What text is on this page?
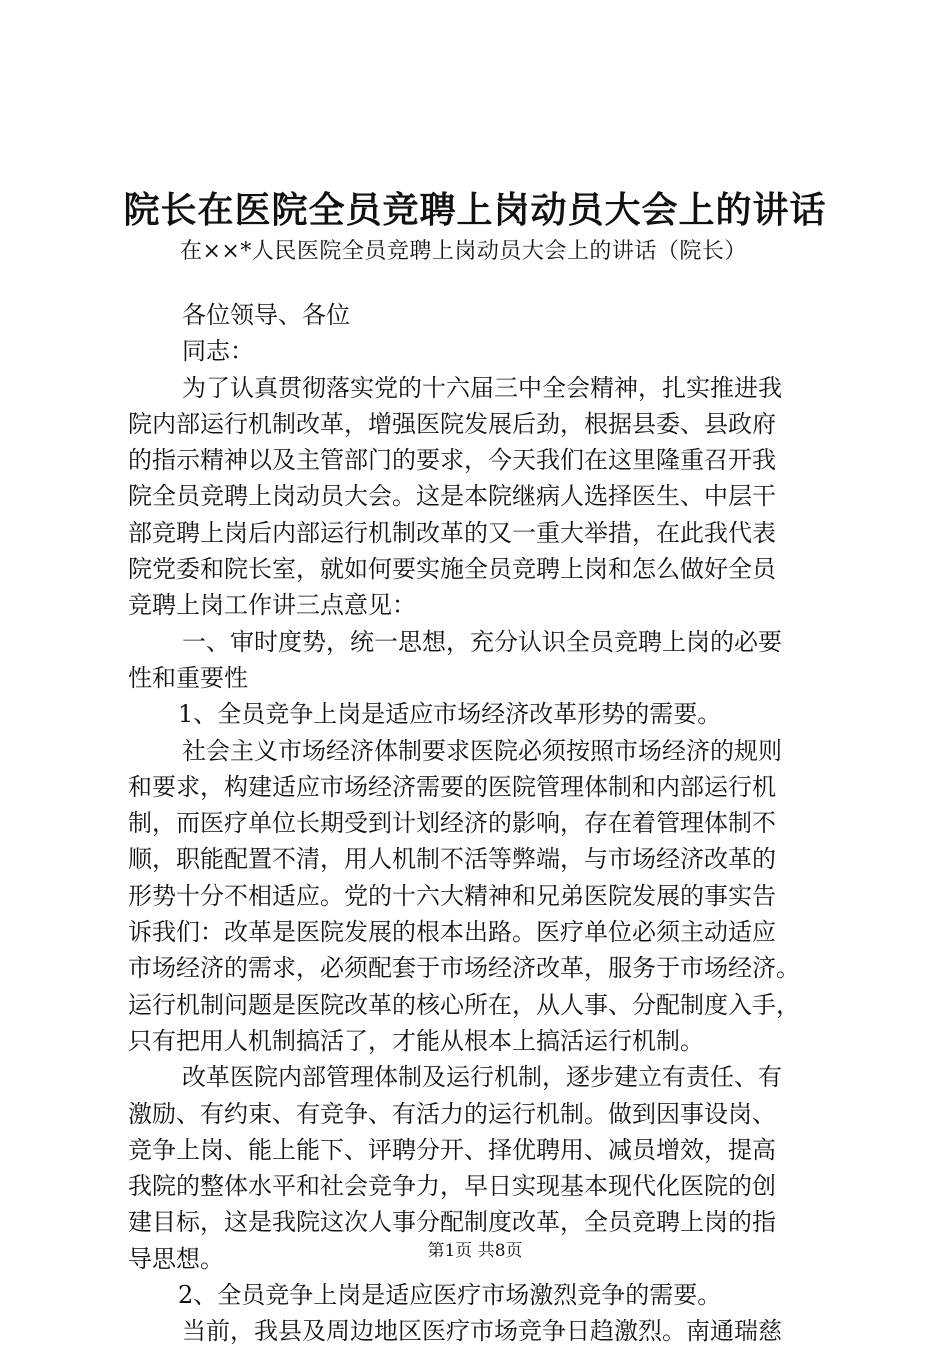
院长在医院全员竞聘上岗动员大会上的讲话
在××*人民医院全员竞聘上岗动员大会上的讲话（院长）
各位领导、各位
同志：
为了认真贯彻落实党的十六届三中全会精神，扎实推进我
院内部运行机制改革，增强医院发展后劲，根据县委、县政府
的指示精神以及主管部门的要求，今天我们在这里隆重召开我
院全员竞聘上岗动员大会。这是本院继病人选择医生、中层干
部竞聘上岗后内部运行机制改革的又一重大举措，在此我代表
院党委和院长室，就如何要实施全员竞聘上岗和怎么做好全员
竞聘上岗工作讲三点意见：
一、审时度势，统一思想，充分认识全员竞聘上岗的必要
性和重要性
1、全员竞争上岗是适应市场经济改革形势的需要。
社会主义市场经济体制要求医院必须按照市场经济的规则
和要求，构建适应市场经济需要的医院管理体制和内部运行机
制，而医疗单位长期受到计划经济的影响，存在着管理体制不
顺，职能配置不清，用人机制不活等弊端，与市场经济改革的
形势十分不相适应。党的十六大精神和兄弟医院发展的事实告
诉我们：改革是医院发展的根本出路。医疗单位必须主动适应
市场经济的需求，必须配套于市场经济改革，服务于市场经济。
运行机制问题是医院改革的核心所在，从人事、分配制度入手，
只有把用人机制搞活了，才能从根本上搞活运行机制。
改革医院内部管理体制及运行机制，逐步建立有责任、有
激励、有约束、有竞争、有活力的运行机制。做到因事设岗、
竞争上岗、能上能下、评聘分开、择优聘用、减员增效，提高
我院的整体水平和社会竞争力，早日实现基本现代化医院的创
建目标，这是我院这次人事分配制度改革，全员竞聘上岗的指
导思想。
2、全员竞争上岗是适应医疗市场激烈竞争的需要。
当前，我县及周边地区医疗市场竞争日趋激烈。南通瑞慈
第1页 共8页
